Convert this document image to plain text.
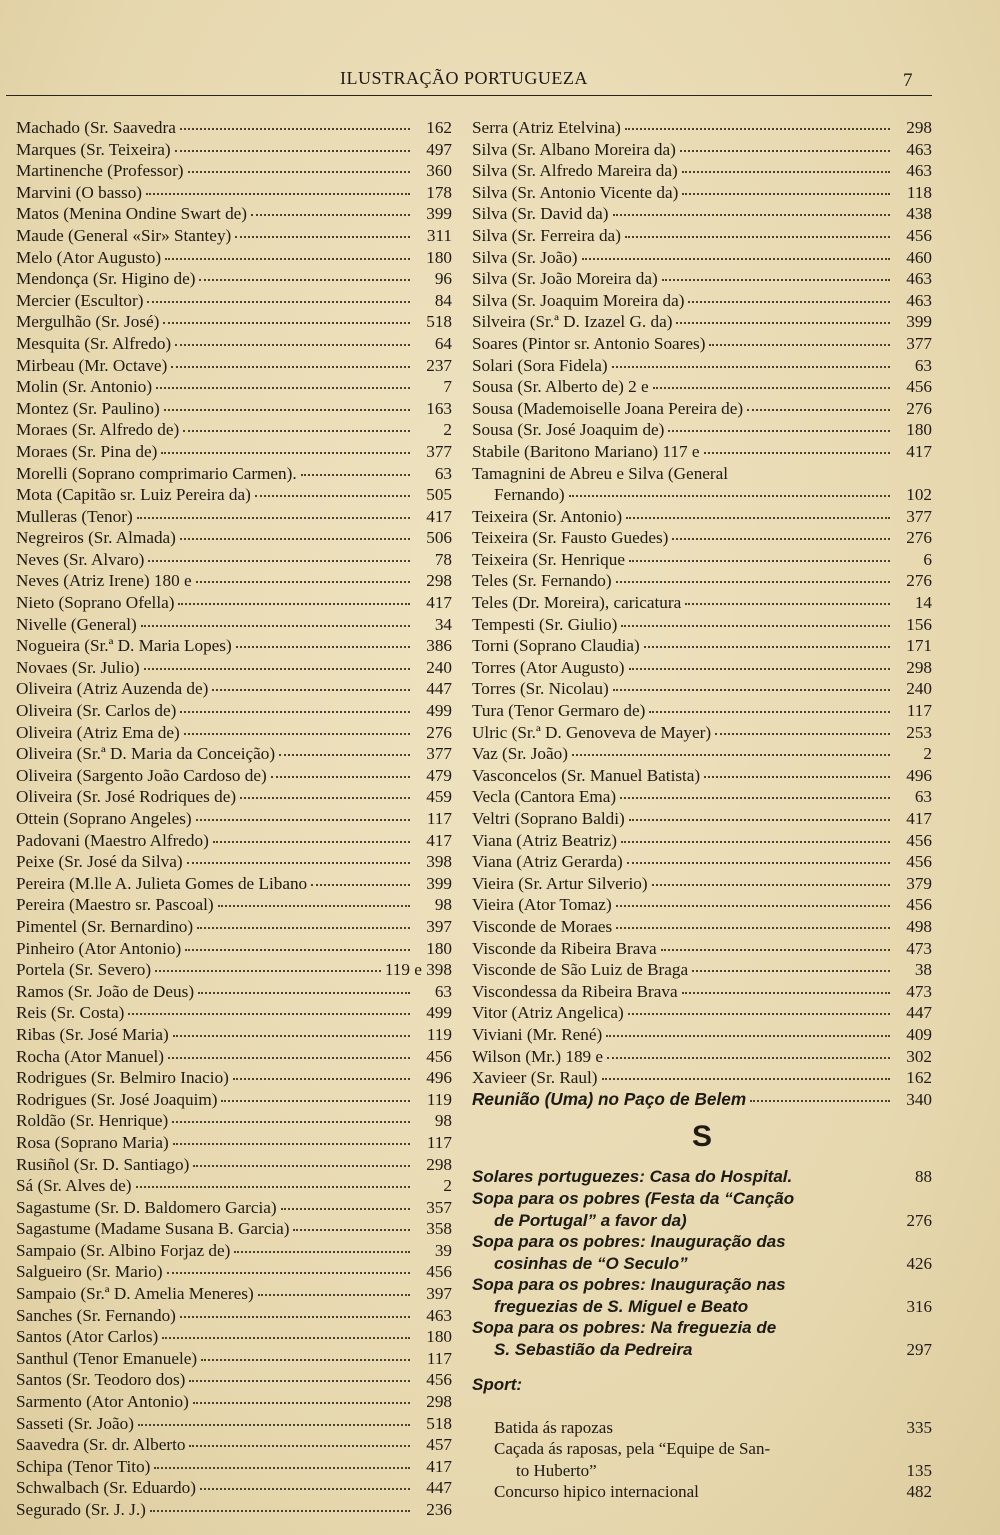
ILUSTRAÇÃO PORTUGUEZA	7
Machado (Sr. Saavedra	162
Marques (Sr. Teixeira)	497
Martinenche (Professor)	360
Marvini (O basso)	178
Matos (Menina Ondine Swart de)	399
Maude (General «Sir» Stantey)	311
Melo (Ator Augusto)	180
Mendonça (Sr. Higino de)	96
Mercier (Escultor)	84
Mergulhão (Sr. José)	518
Mesquita (Sr. Alfredo)	64
Mirbeau (Mr. Octave)	237
Molin (Sr. Antonio)	7
Montez (Sr. Paulino)	163
Moraes (Sr. Alfredo de)	2
Moraes (Sr. Pina de)	377
Morelli (Soprano comprimario Carmen).	63
Mota (Capitão sr. Luiz Pereira da)	505
Mulleras (Tenor)	417
Negreiros (Sr. Almada)	506
Neves (Sr. Alvaro)	78
Neves (Atriz Irene) 180 e	298
Nieto (Soprano Ofella)	417
Nivelle (General)	34
Nogueira (Sr.ª D. Maria Lopes)	386
Novaes (Sr. Julio)	240
Oliveira (Atriz Auzenda de)	447
Oliveira (Sr. Carlos de)	499
Oliveira (Atriz Ema de)	276
Oliveira (Sr.ª D. Maria da Conceição)	377
Oliveira (Sargento João Cardoso de)	479
Oliveira (Sr. José Rodriques de)	459
Ottein (Soprano Angeles)	117
Padovani (Maestro Alfredo)	417
Peixe (Sr. José da Silva)	398
Pereira (M.lle A. Julieta Gomes de Libano	399
Pereira (Maestro sr. Pascoal)	98
Pimentel (Sr. Bernardino)	397
Pinheiro (Ator Antonio)	180
Portela (Sr. Severo)	119 e 398
Ramos (Sr. João de Deus)	63
Reis (Sr. Costa)	499
Ribas (Sr. José Maria)	119
Rocha (Ator Manuel)	456
Rodrigues (Sr. Belmiro Inacio)	496
Rodrigues (Sr. José Joaquim)	119
Roldão (Sr. Henrique)	98
Rosa (Soprano Maria)	117
Rusiñol (Sr. D. Santiago)	298
Sá (Sr. Alves de)	2
Sagastume (Sr. D. Baldomero Garcia)	357
Sagastume (Madame Susana B. Garcia)	358
Sampaio (Sr. Albino Forjaz de)	39
Salgueiro (Sr. Mario)	456
Sampaio (Sr.ª D. Amelia Meneres)	397
Sanches (Sr. Fernando)	463
Santos (Ator Carlos)	180
Santhul (Tenor Emanuele)	117
Santos (Sr. Teodoro dos)	456
Sarmento (Ator Antonio)	298
Sasseti (Sr. João)	518
Saavedra (Sr. dr. Alberto	457
Schipa (Tenor Tito)	417
Schwalbach (Sr. Eduardo)	447
Segurado (Sr. J. J.)	236
Serra (Atriz Etelvina)	298
Silva (Sr. Albano Moreira da)	463
Silva (Sr. Alfredo Mareira da)	463
Silva (Sr. Antonio Vicente da)	118
Silva (Sr. David da)	438
Silva (Sr. Ferreira da)	456
Silva (Sr. João)	460
Silva (Sr. João Moreira da)	463
Silva (Sr. Joaquim Moreira da)	463
Silveira (Sr.ª D. Izazel G. da)	399
Soares (Pintor sr. Antonio Soares)	377
Solari (Sora Fidela)	63
Sousa (Sr. Alberto de) 2 e	456
Sousa (Mademoiselle Joana Pereira de)	276
Sousa (Sr. José Joaquim de)	180
Stabile (Baritono Mariano) 117 e	417
Tamagnini de Abreu e Silva (General
Fernando)	102
Teixeira (Sr. Antonio)	377
Teixeira (Sr. Fausto Guedes)	276
Teixeira (Sr. Henrique	6
Teles (Sr. Fernando)	276
Teles (Dr. Moreira), caricatura	14
Tempesti (Sr. Giulio)	156
Torni (Soprano Claudia)	171
Torres (Ator Augusto)	298
Torres (Sr. Nicolau)	240
Tura (Tenor Germaro de)	117
Ulric (Sr.ª D. Genoveva de Mayer)	253
Vaz (Sr. João)	2
Vasconcelos (Sr. Manuel Batista)	496
Vecla (Cantora Ema)	63
Veltri (Soprano Baldi)	417
Viana (Atriz Beatriz)	456
Viana (Atriz Gerarda)	456
Vieira (Sr. Artur Silverio)	379
Vieira (Ator Tomaz)	456
Visconde de Moraes	498
Visconde da Ribeira Brava	473
Visconde de São Luiz de Braga	38
Viscondessa da Ribeira Brava	473
Vitor (Atriz Angelica)	447
Viviani (Mr. René)	409
Wilson (Mr.) 189 e	302
Xavieer (Sr. Raul)	162
Reunião (Uma) no Paço de Belem	340
S
Solares portuguezes: Casa do Hospital.	88
Sopa para os pobres (Festa da “Canção
de Portugal” a favor da)	276
Sopa para os pobres: Inauguração das
cosinhas de “O Seculo”	426
Sopa para os pobres: Inauguração nas
freguezias de S. Miguel e Beato	316
Sopa para os pobres: Na freguezia de
S. Sebastião da Pedreira	297
Sport:
Batida ás rapozas	335
Caçada ás raposas, pela “Equipe de San-
to Huberto”	135
Concurso hipico internacional	482
